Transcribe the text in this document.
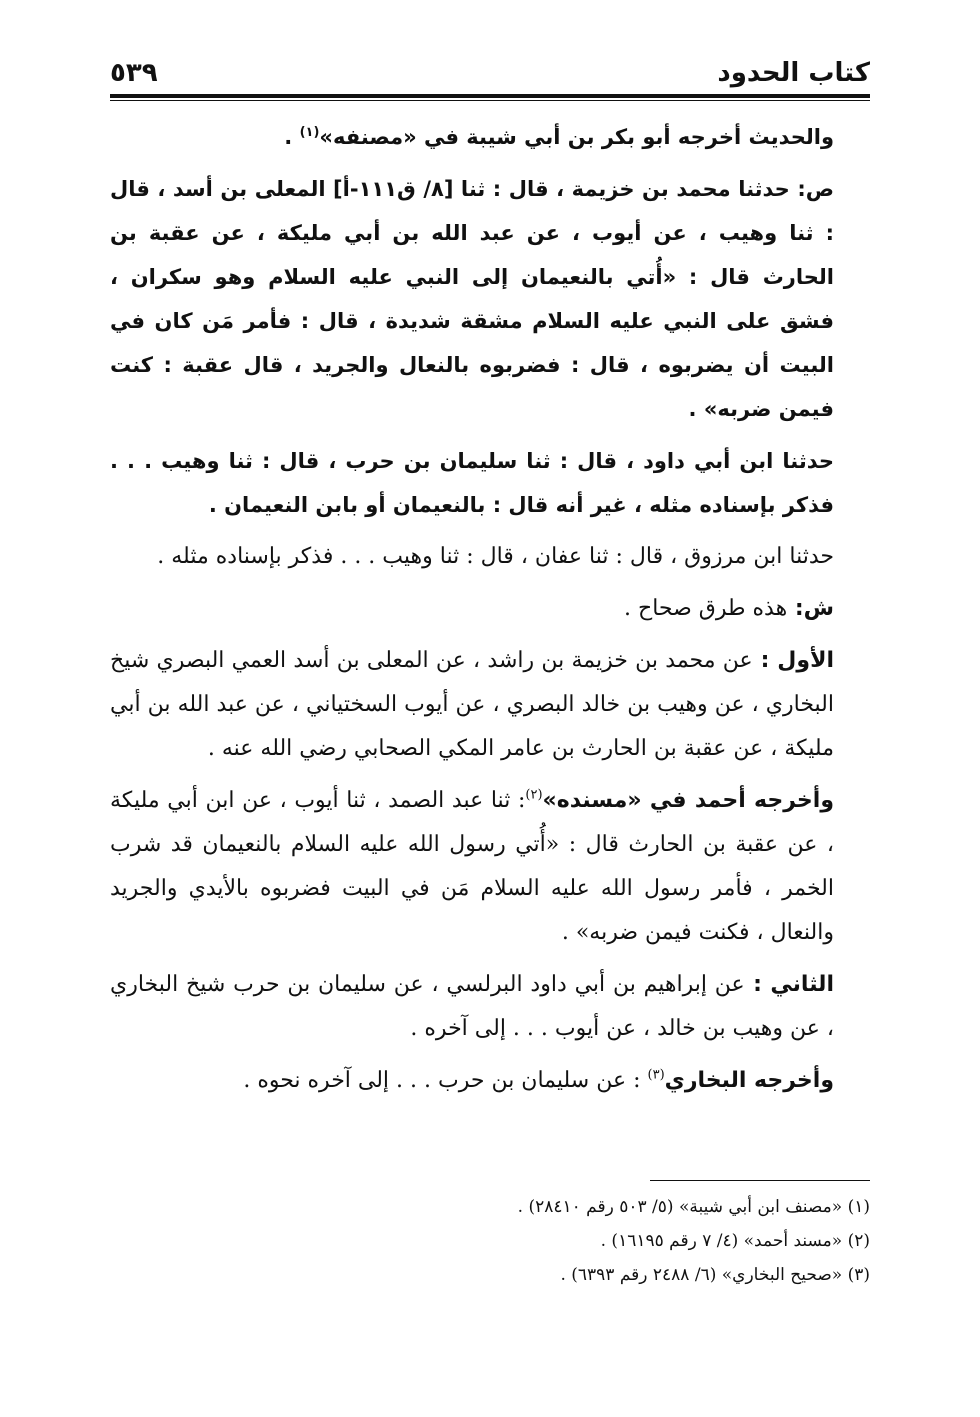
كتاب الحدود
٥٣٩

والحديث أخرجه أبو بكر بن أبي شيبة في «مصنفه»$^{(١)}$ .

ص: حدثنا محمد بن خزيمة ، قال : ثنا [٨/ ق١١١-أ] المعلى بن أسد ، قال : ثنا وهيب ، عن أيوب ، عن عبد الله بن أبي مليكة ، عن عقبة بن الحارث قال : «أُتي بالنعيمان إلى النبي عليه السلام وهو سكران ، فشق على النبي عليه السلام مشقة شديدة ، قال : فأمر مَن كان في البيت أن يضربوه ، قال : فضربوه بالنعال والجريد ، قال عقبة : كنت فيمن ضربه» .

حدثنا ابن أبي داود ، قال : ثنا سليمان بن حرب ، قال : ثنا وهيب . . . فذكر بإسناده مثله ، غير أنه قال : بالنعيمان أو بابن النعيمان .

حدثنا ابن مرزوق ، قال : ثنا عفان ، قال : ثنا وهيب . . . فذكر بإسناده مثله .

ش: هذه طرق صحاح .

الأول : عن محمد بن خزيمة بن راشد ، عن المعلى بن أسد العمي البصري شيخ البخاري ، عن وهيب بن خالد البصري ، عن أيوب السختياني ، عن عبد الله بن أبي مليكة ، عن عقبة بن الحارث بن عامر المكي الصحابي رضي الله عنه .

وأخرجه أحمد في «مسنده»$^{(٢)}$: ثنا عبد الصمد ، ثنا أيوب ، عن ابن أبي مليكة ، عن عقبة بن الحارث قال : «أُتي رسول الله عليه السلام بالنعيمان قد شرب الخمر ، فأمر رسول الله عليه السلام مَن في البيت فضربوه بالأيدي والجريد والنعال ، فكنت فيمن ضربه» .

الثاني : عن إبراهيم بن أبي داود البرلسي ، عن سليمان بن حرب شيخ البخاري ، عن وهيب بن خالد ، عن أيوب . . . إلى آخره .

وأخرجه البخاري$^{(٣)}$ : عن سليمان بن حرب . . . إلى آخره نحوه .

(١) «مصنف ابن أبي شيبة» (٥/ ٥٠٣ رقم ٢٨٤١٠) .
(٢) «مسند أحمد» (٤/ ٧ رقم ١٦١٩٥) .
(٣) «صحيح البخاري» (٦/ ٢٤٨٨ رقم ٦٣٩٣) .
